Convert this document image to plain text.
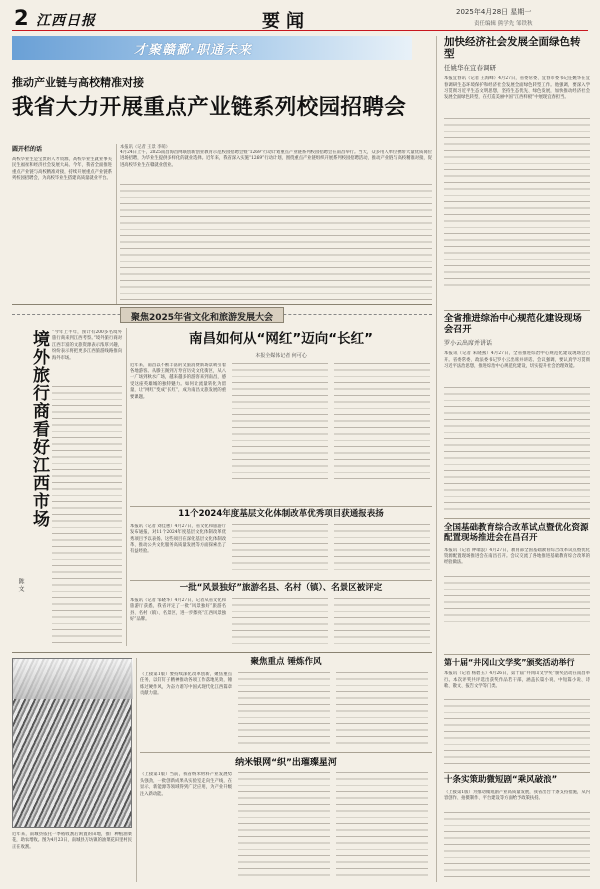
2 江西日报	要闻	2025年4月28日 星期一
责任编辑 熊学先 邹铁秋
才聚赣鄱·职通未来
推动产业链与高校精准对接
我省大力开展重点产业链系列校园招聘会
圆开栏的话
高校毕业生是宝贵的人才资源，高校毕业生就业事关民生福祉和经济社会发展大局。今年，我省全面推进重点产业链与高校精准对接，持续开展重点产业链系列校园招聘会，为高校毕业生搭建高质量就业平台。
本报讯（记者 王景 李萌）
4月24日上午，2025南昌海昌网联创新创业教育示范校园招聘会暨“1269”行动计划重点产业链系列校园招聘会在南昌举行。当天，众多用人单位携带大量优质岗位进场招聘，为毕业生提供多样化的就业选择。近年来，我省深入实施“1269”行动计划，围绕重点产业链组织开展系列校园招聘活动，推动产业链与高校精准对接，促进高校毕业生在赣就业创业。
加快经济社会发展全面绿色转型
任姚华在宜春调研
本报宜春讯（记者 王海峰）4月27日，省委常委、宜春市委书记任姚华在宜春调研生态环境保护和经济社会发展全面绿色转型工作。他强调，要深入学习贯彻习近平生态文明思想，坚持生态优先、绿色发展，加快推动经济社会发展全面绿色转型，在打造美丽中国“江西样板”中展现宜春担当。
全省推进综治中心规范化建设现场会召开
罗小云出席并讲话
本报讯（记者 朱晓燕）4月27日，全省推进综治中心规范化建设现场会召开。省委常委、政法委书记罗小云出席并讲话。会议强调，要认真学习贯彻习近平法治思想，推进综治中心规范化建设，切实提升社会治理效能。
全国基础教育综合改革试点暨优化资源配置现场推进会在昌召开
本报讯（记者 钟端浪）4月27日，教育部全国基础教育综合改革试点暨优化资源配置现场推进会在南昌召开。会议交流了各地推进基础教育综合改革的经验做法。
第十届“井冈山文学奖”颁奖活动举行
本报讯（记者 杨碧玉）4月26日，第十届“井冈山文学奖”颁奖活动在南昌举行。本次评奖共评选出获奖作品若干部，涵盖长篇小说、中短篇小说、诗歌、散文、报告文学等门类。
十条实策助微短剧“乘风破浪”
（上接第1版）为推动微短剧产业高质量发展，我省出台十条支持措施，从内容创作、拍摄制作、平台建设等方面给予政策扶持。
聚焦2025年省文化和旅游发展大会
境外旅行商看好江西市场
陈 文
“今年上半年，预计有200多名境外旅行商来到江西考察。”境外旅行商对江西丰富的文旅资源表示浓厚兴趣，纷纷表示将把更多江西旅游线路推向海外市场。
南昌如何从“网红”迈向“长红”
本报全媒体记者 何可心
近年来，南昌以不断丰富的文旅消费新场景吸引着各地游客。从滕王阁到万寿宫历史文化街区，从八一广场到秋水广场，越来越多的游客来到南昌，感受这座英雄城的独特魅力。如何让流量转化为留量，让“网红”变成“长红”，成为南昌文旅发展的重要课题。
11个2024年度基层文化体制改革优秀项目获通报表扬
本报讯（记者 刘佳惠）4月27日，省文化和旅游厅发布通报，对11个2024年度基层文化体制改革优秀项目予以表扬。这些项目在深化基层文化体制改革、推动公共文化服务高质量发展等方面探索出了有益经验。
一批“风景独好”旅游名县、名村（镇）、名景区被评定
本报讯（记者 邹晓华）4月27日，记者从省文化和旅游厅获悉，我省评定了一批“风景独好”旅游名县、名村（镇）、名景区，进一步擦亮“江西风景独好”品牌。
近年来，南城县依托一季稻收割后闲置的田地，推广种植油菜花，助农增收。图为4月23日，南城县万坊镇的油菜花田里村民正在收割。
聚焦重点 锤炼作风
（上接第1版）要持续深化改革创新，聚焦重点任务，以钉钉子精神推动各项工作落地见效，锤炼过硬作风，为奋力谱写中国式现代化江西篇章贡献力量。
纳米银网“织”出璀璨星河
（上接第1版）当前，我省纳米材料产业发展势头强劲，一批创新成果从实验室走向生产线，在显示、新能源等领域得到广泛应用，为产业升级注入新动能。
